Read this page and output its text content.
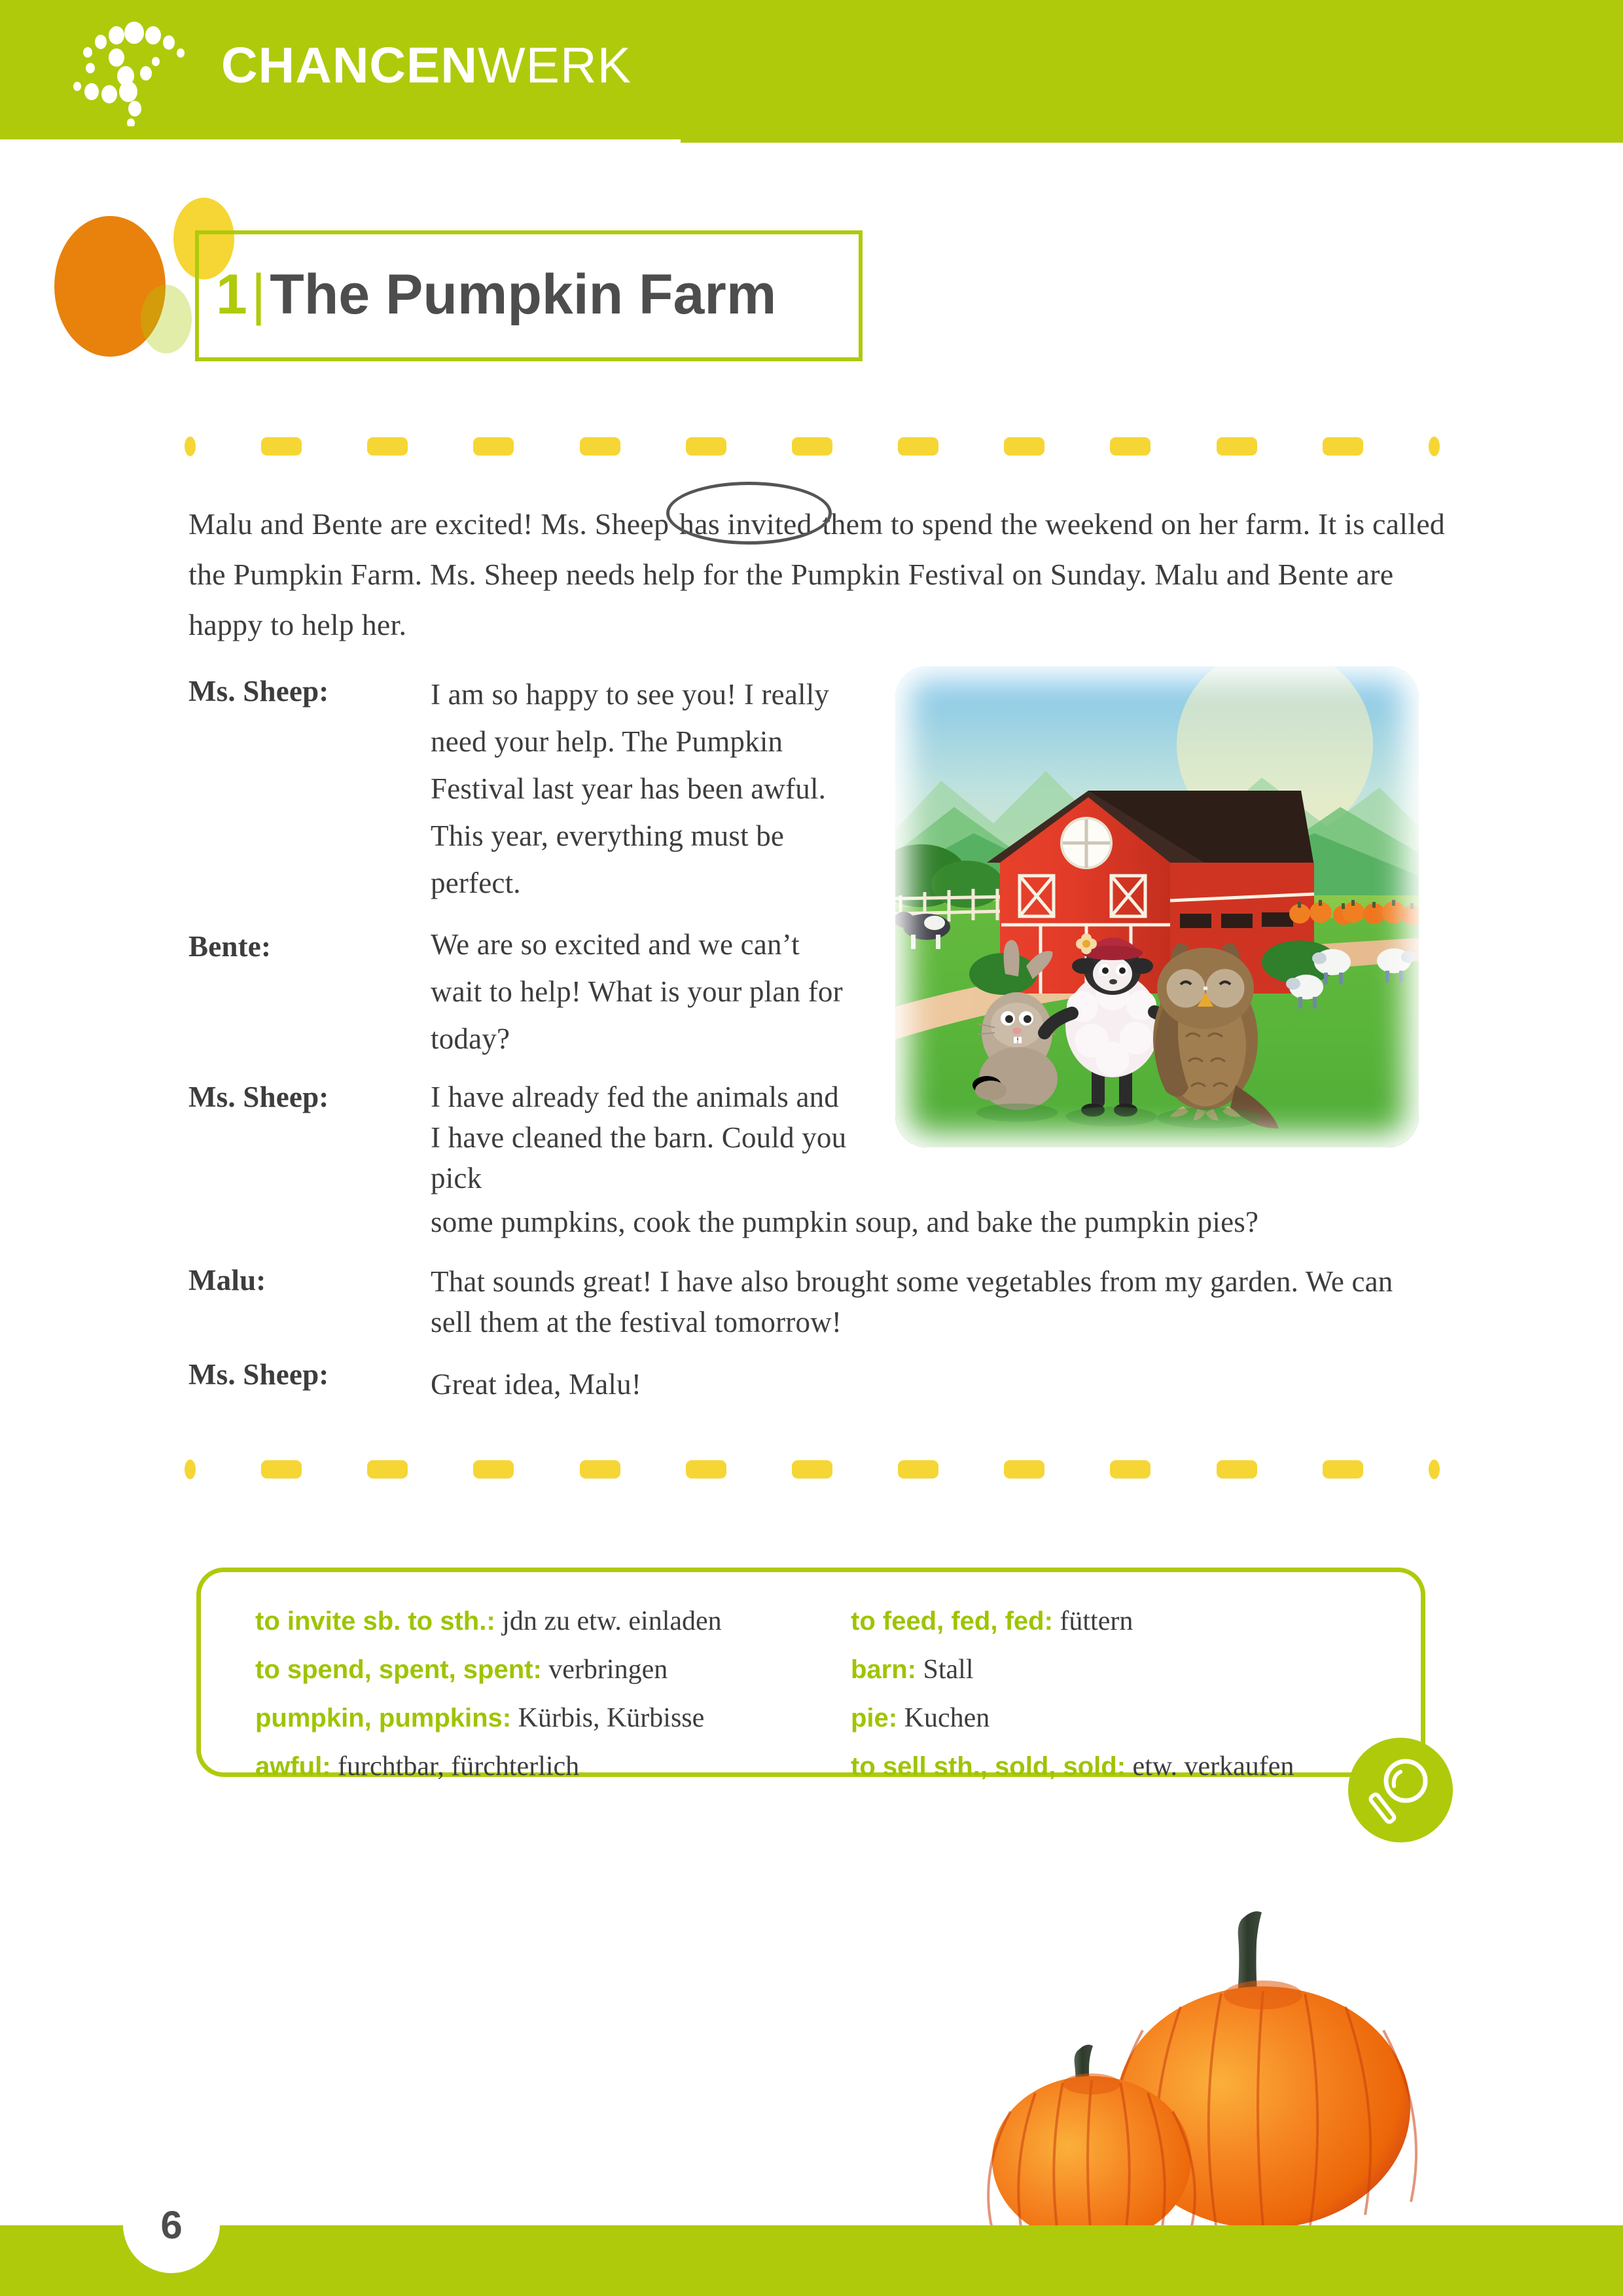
CHANCENWERK
1|The Pumpkin Farm

Malu and Bente are excited! Ms. Sheep has invited them to spend the weekend on her farm. It is called the Pumpkin Farm. Ms. Sheep needs help for the Pumpkin Festival on Sunday. Malu and Bente are happy to help her.

Ms. Sheep:	I am so happy to see you! I really need your help. The Pumpkin Festival last year has been awful. This year, everything must be perfect.
Bente:	We are so excited and we can’t wait to help! What is your plan for today?
Ms. Sheep:	I have already fed the animals and I have cleaned the barn. Could you pick
some pumpkins, cook the pumpkin soup, and bake the pumpkin pies?
Malu:	That sounds great! I have also brought some vegetables from my garden. We can sell them at the festival tomorrow!
Ms. Sheep:	Great idea, Malu!
to invite sb. to sth.: jdn zu etw. einladen
to spend, spent, spent: verbringen
pumpkin, pumpkins: Kürbis, Kürbisse
awful: furchtbar, fürchterlich
to feed, fed, fed: füttern
barn: Stall
pie: Kuchen
to sell sth., sold, sold: etw. verkaufen
6
